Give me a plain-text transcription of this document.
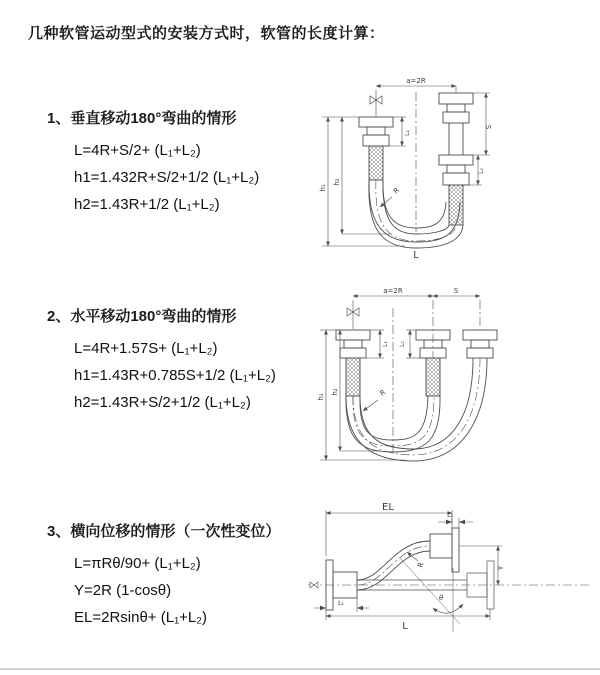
几种软管运动型式的安装方式时，软管的长度计算：
1、垂直移动180°弯曲的情形
L=4R+S/2+ (L₁+L₂)
h1=1.432R+S/2+1/2 (L₁+L₂)
h2=1.43R+1/2 (L₁+L₂)
2、水平移动180°弯曲的情形
L=4R+1.57S+ (L₁+L₂)
h1=1.43R+0.785S+1/2 (L₁+L₂)
h2=1.43R+S/2+1/2 (L₁+L₂)
3、横向位移的情形（一次性变位）
L=πRθ/90+ (L₁+L₂)
Y=2R (1-cosθ)
EL=2Rsinθ+ (L₁+L₂)
a=2R
S
L₁
L₂
h₁
h₂
R
L
a=2R	S
L₁ L₂
h₁
h₂	R
EL
L₂
Y
R
θ
L
L₁
